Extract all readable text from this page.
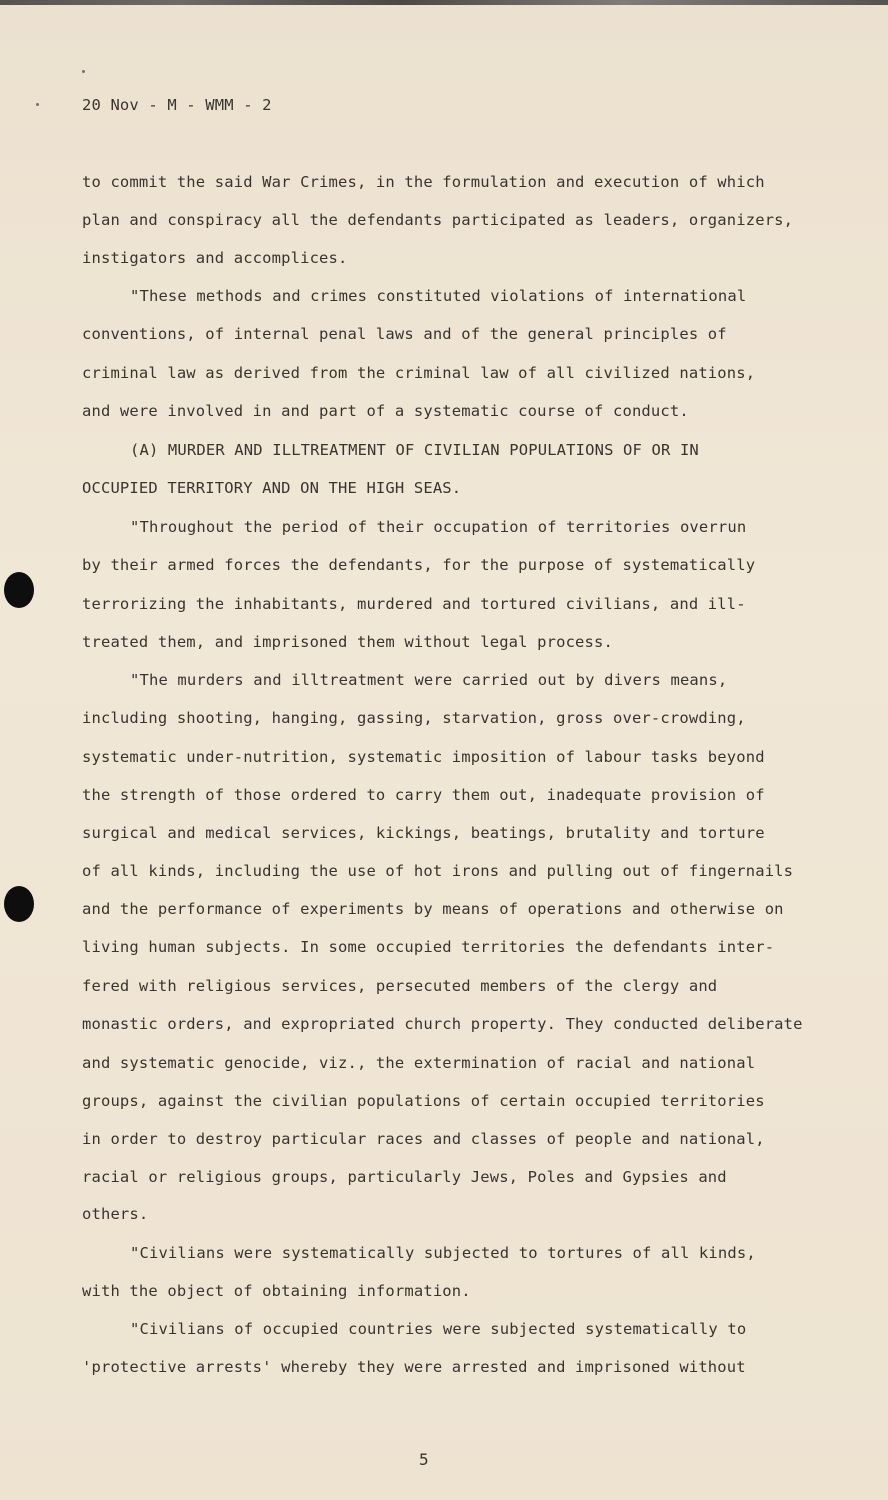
20 Nov - M - WMM - 2
to commit the said War Crimes, in the formulation and execution of which
plan and conspiracy all the defendants participated as leaders, organizers,
instigators and accomplices.
"These methods and crimes constituted violations of international
conventions, of internal penal laws and of the general principles of
criminal law as derived from the criminal law of all civilized nations,
and were involved in and part of a systematic course of conduct.
(A) MURDER AND ILLTREATMENT OF CIVILIAN POPULATIONS OF OR IN
OCCUPIED TERRITORY AND ON THE HIGH SEAS.
"Throughout the period of their occupation of territories overrun
by their armed forces the defendants, for the purpose of systematically
terrorizing the inhabitants, murdered and tortured civilians, and ill-
treated them, and imprisoned them without legal process.
"The murders and illtreatment were carried out by divers means,
including shooting, hanging, gassing, starvation, gross over-crowding,
systematic under-nutrition, systematic imposition of labour tasks beyond
the strength of those ordered to carry them out, inadequate provision of
surgical and medical services, kickings, beatings, brutality and torture
of all kinds, including the use of hot irons and pulling out of fingernails
and the performance of experiments by means of operations and otherwise on
living human subjects. In some occupied territories the defendants inter-
fered with religious services, persecuted members of the clergy and
monastic orders, and expropriated church property. They conducted deliberate
and systematic genocide, viz., the extermination of racial and national
groups, against the civilian populations of certain occupied territories
in order to destroy particular races and classes of people and national,
racial or religious groups, particularly Jews, Poles and Gypsies and
others.
"Civilians were systematically subjected to tortures of all kinds,
with the object of obtaining information.
"Civilians of occupied countries were subjected systematically to
'protective arrests' whereby they were arrested and imprisoned without
5
